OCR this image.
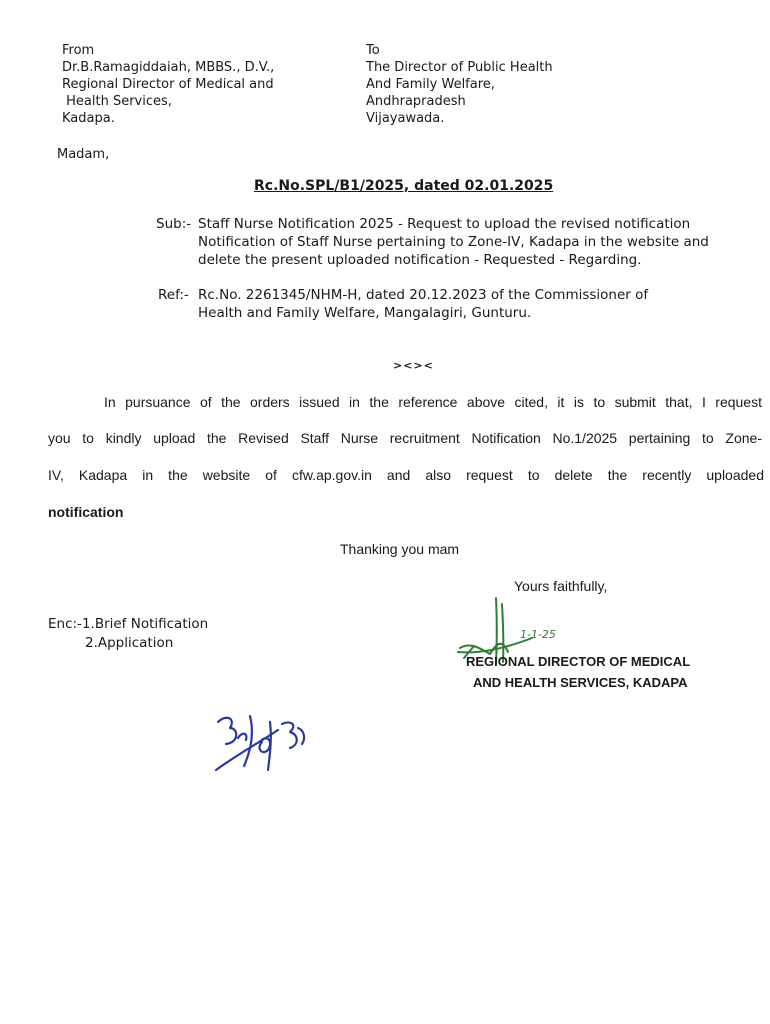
From
Dr.B.Ramagiddaiah, MBBS., D.V.,
Regional Director of Medical and
Health Services,
Kadapa.
To
The Director of Public Health
And Family Welfare,
Andhrapradesh
Vijayawada.
Madam,
Rc.No.SPL/B1/2025, dated 02.01.2025
Sub:- Staff Nurse Notification 2025 - Request to upload the revised notification
Notification of Staff Nurse pertaining to Zone-IV, Kadapa in the website and
delete the present uploaded notification - Requested - Regarding.
Ref:- Rc.No. 2261345/NHM-H, dated 20.12.2023 of the Commissioner of
Health and Family Welfare, Mangalagiri, Gunturu.
><><
In pursuance of the orders issued in the reference above cited, it is to submit that, I request
you to kindly upload the Revised Staff Nurse recruitment Notification No.1/2025 pertaining to Zone-
IV, Kadapa in the website of cfw.ap.gov.in and also request to delete the recently uploaded
notification
Thanking you mam
Yours faithfully,
Enc:-1.Brief Notification
2.Application
1-1-25
REGIONAL DIRECTOR OF MEDICAL
AND HEALTH SERVICES, KADAPA
3/1/25
